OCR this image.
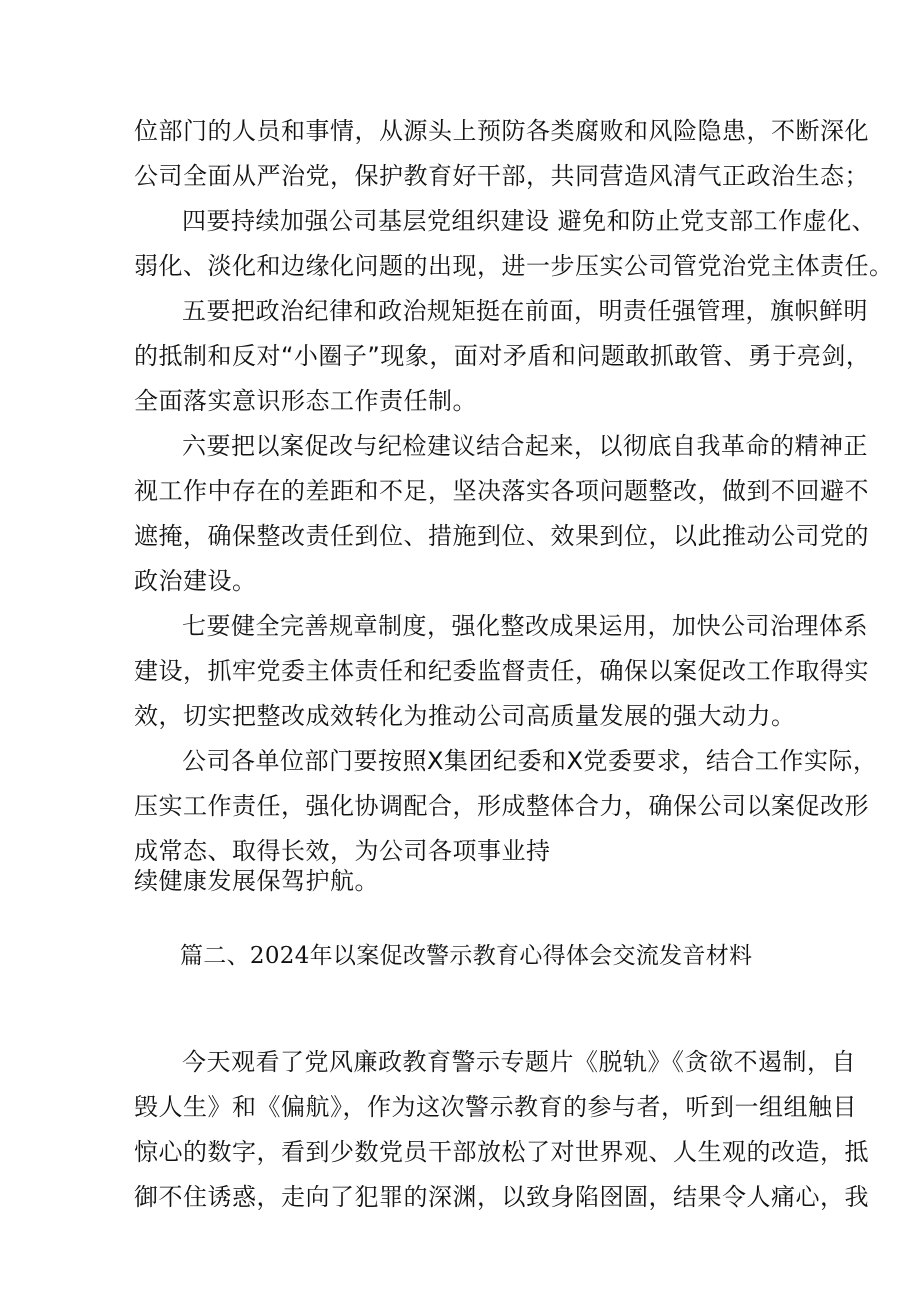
位部门的人员和事情，从源头上预防各类腐败和风险隐患，不断深化
公司全面从严治党，保护教育好干部，共同营造风清气正政治生态；
四要持续加强公司基层党组织建设 避免和防止党支部工作虚化、
弱化、淡化和边缘化问题的出现，进一步压实公司管党治党主体责任。
五要把政治纪律和政治规矩挺在前面，明责任强管理，旗帜鲜明
的抵制和反对“小圈子”现象，面对矛盾和问题敢抓敢管、勇于亮剑，
全面落实意识形态工作责任制。
六要把以案促改与纪检建议结合起来，以彻底自我革命的精神正
视工作中存在的差距和不足，坚决落实各项问题整改，做到不回避不
遮掩，确保整改责任到位、措施到位、效果到位，以此推动公司党的
政治建设。
七要健全完善规章制度，强化整改成果运用，加快公司治理体系
建设，抓牢党委主体责任和纪委监督责任，确保以案促改工作取得实
效，切实把整改成效转化为推动公司高质量发展的强大动力。
公司各单位部门要按照X集团纪委和X党委要求，结合工作实际，
压实工作责任，强化协调配合，形成整体合力，确保公司以案促改形
成常态、取得长效，为公司各项事业持
续健康发展保驾护航。
篇二、2024年以案促改警示教育心得体会交流发音材料
今天观看了党风廉政教育警示专题片《脱轨》《贪欲不遏制，自
毁人生》和《偏航》，作为这次警示教育的参与者，听到一组组触目
惊心的数字，看到少数党员干部放松了对世界观、人生观的改造，抵
御不住诱惑，走向了犯罪的深渊，以致身陷囹圄，结果令人痛心，我
